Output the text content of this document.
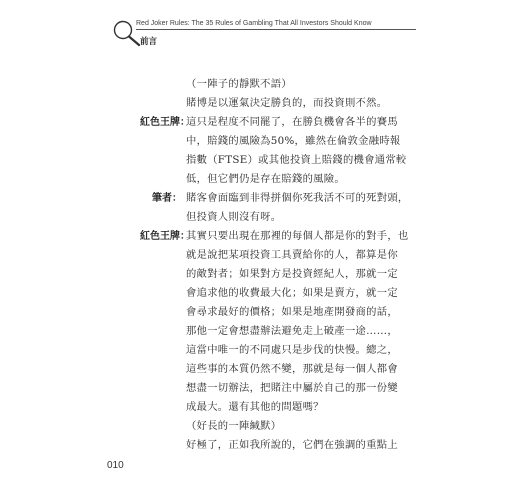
Red Joker Rules: The 35 Rules of Gambling That All Investors Should Know
前言
（一陣子的靜默不語）
賭博是以運氣決定勝負的，而投資則不然。
紅色王牌：
這只是程度不同罷了，在勝負機會各半的賽馬
中，賠錢的風險為50%，雖然在倫敦金融時報
指數（FTSE）或其他投資上賠錢的機會通常較
低，但它們仍是存在賠錢的風險。
筆者： 賭客會面臨到非得拼個你死我活不可的死對頭，
但投資人則沒有呀。
紅色王牌：
其實只要出現在那裡的每個人都是你的對手，也
就是說把某項投資工具賣給你的人，都算是你
的敵對者；如果對方是投資經紀人，那就一定
會追求他的收費最大化；如果是賣方，就一定
會尋求最好的價格；如果是地產開發商的話，
那他一定會想盡辦法避免走上破產一途……，
這當中唯一的不同處只是步伐的快慢。總之，
這些事的本質仍然不變，那就是每一個人都會
想盡一切辦法，把賭注中屬於自己的那一份變
成最大。還有其他的問題嗎？
（好長的一陣緘默）
好極了，正如我所說的，它們在強調的重點上
010
